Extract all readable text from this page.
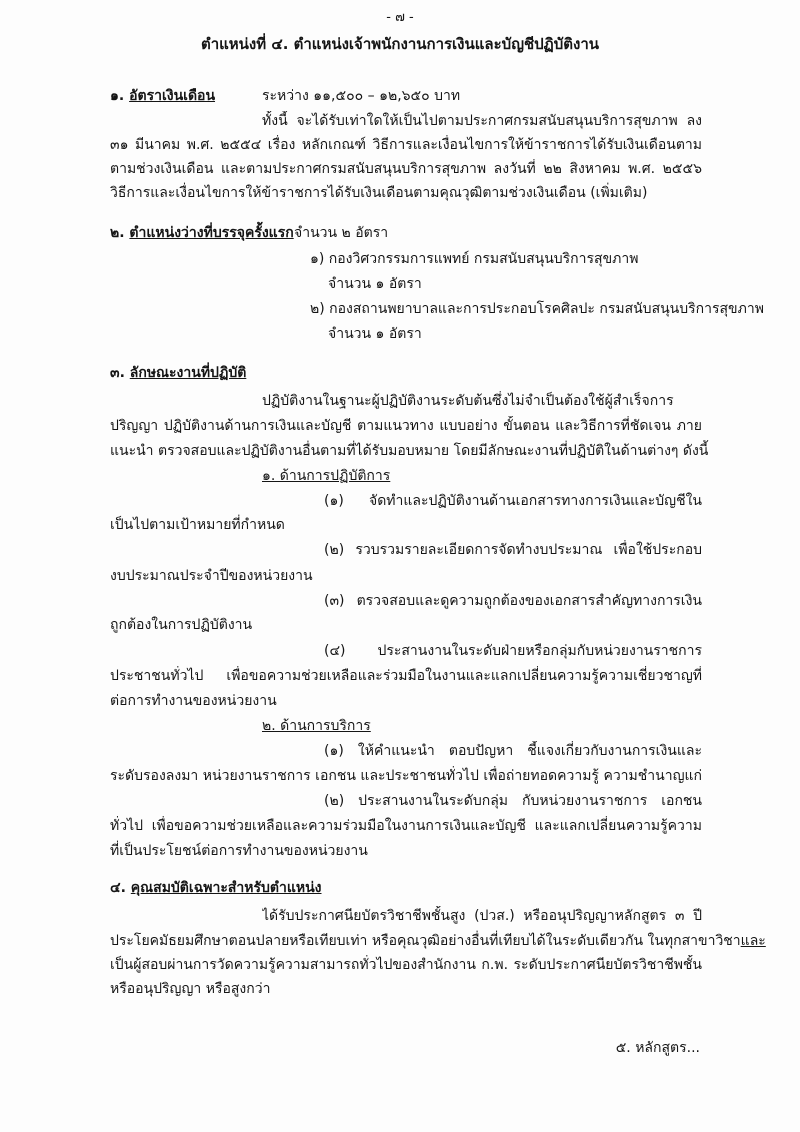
- ๗ -
ตำแหน่งที่ ๔. ตำแหน่งเจ้าพนักงานการเงินและบัญชีปฏิบัติงาน
๑. อัตราเงินเดือน	ระหว่าง ๑๑,๕๐๐ – ๑๒,๖๕๐ บาท
ทั้งนี้ จะได้รับเท่าใดให้เป็นไปตามประกาศกรมสนับสนุนบริการสุขภาพ ลง
๓๑ มีนาคม พ.ศ. ๒๕๕๔ เรื่อง หลักเกณฑ์ วิธีการและเงื่อนไขการให้ข้าราชการได้รับเงินเดือนตาม
ตามช่วงเงินเดือน และตามประกาศกรมสนับสนุนบริการสุขภาพ ลงวันที่ ๒๒ สิงหาคม พ.ศ. ๒๕๕๖
วิธีการและเงื่อนไขการให้ข้าราชการได้รับเงินเดือนตามคุณวุฒิตามช่วงเงินเดือน (เพิ่มเติม)
๒. ตำแหน่งว่างที่บรรจุครั้งแรก จำนวน ๒ อัตรา
๑) กองวิศวกรรมการแพทย์ กรมสนับสนุนบริการสุขภาพ
จำนวน ๑ อัตรา
๒) กองสถานพยาบาลและการประกอบโรคศิลปะ กรมสนับสนุนบริการสุขภาพ
จำนวน ๑ อัตรา
๓. ลักษณะงานที่ปฏิบัติ
ปฏิบัติงานในฐานะผู้ปฏิบัติงานระดับต้นซึ่งไม่จำเป็นต้องใช้ผู้สำเร็จการ
ปริญญา ปฏิบัติงานด้านการเงินและบัญชี ตามแนวทาง แบบอย่าง ขั้นตอน และวิธีการที่ชัดเจน ภาย
แนะนำ ตรวจสอบและปฏิบัติงานอื่นตามที่ได้รับมอบหมาย โดยมีลักษณะงานที่ปฏิบัติในด้านต่างๆ ดังนี้
๑. ด้านการปฏิบัติการ
(๑) จัดทำและปฏิบัติงานด้านเอกสารทางการเงินและบัญชีใน
เป็นไปตามเป้าหมายที่กำหนด
(๒) รวบรวมรายละเอียดการจัดทำงบประมาณ เพื่อใช้ประกอบ
งบประมาณประจำปีของหน่วยงาน
(๓) ตรวจสอบและดูความถูกต้องของเอกสารสำคัญทางการเงิน
ถูกต้องในการปฏิบัติงาน
(๔) ประสานงานในระดับฝ่ายหรือกลุ่มกับหน่วยงานราชการ
ประชาชนทั่วไป เพื่อขอความช่วยเหลือและร่วมมือในงานและแลกเปลี่ยนความรู้ความเชี่ยวชาญที่
ต่อการทำงานของหน่วยงาน
๒. ด้านการบริการ
(๑) ให้คำแนะนำ ตอบปัญหา ชี้แจงเกี่ยวกับงานการเงินและ
ระดับรองลงมา หน่วยงานราชการ เอกชน และประชาชนทั่วไป เพื่อถ่ายทอดความรู้ ความชำนาญแก่
(๒) ประสานงานในระดับกลุ่ม กับหน่วยงานราชการ เอกชน
ทั่วไป เพื่อขอความช่วยเหลือและความร่วมมือในงานการเงินและบัญชี และแลกเปลี่ยนความรู้ความ
ที่เป็นประโยชน์ต่อการทำงานของหน่วยงาน
๔. คุณสมบัติเฉพาะสำหรับตำแหน่ง
ได้รับประกาศนียบัตรวิชาชีพชั้นสูง (ปวส.) หรืออนุปริญญาหลักสูตร ๓ ปี
ประโยคมัธยมศึกษาตอนปลายหรือเทียบเท่า หรือคุณวุฒิอย่างอื่นที่เทียบได้ในระดับเดียวกัน ในทุกสาขาวิชา และ
เป็นผู้สอบผ่านการวัดความรู้ความสามารถทั่วไปของสำนักงาน ก.พ. ระดับประกาศนียบัตรวิชาชีพชั้น
หรืออนุปริญญา หรือสูงกว่า
๕. หลักสูตร...
